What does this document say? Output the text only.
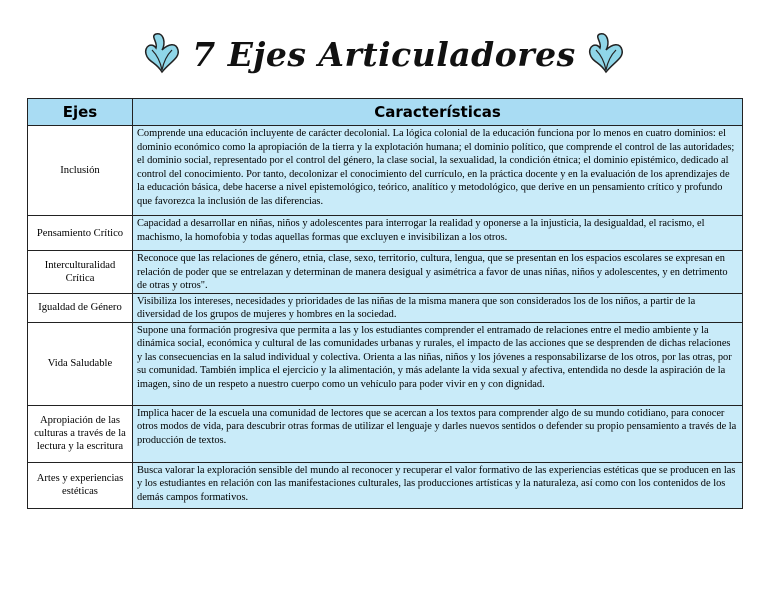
7 Ejes Articuladores
Ejes	Características
Inclusión	Comprende una educación incluyente de carácter decolonial. La lógica colonial de la educación funciona por lo menos en cuatro dominios: el dominio económico como la apropiación de la tierra y la explotación humana; el dominio político, que comprende el control de las autoridades; el dominio social, representado por el control del género, la clase social, la sexualidad, la condición étnica; el dominio epistémico, dedicado al control del conocimiento. Por tanto, decolonizar el conocimiento del currículo, en la práctica docente y en la evaluación de los aprendizajes de la educación básica, debe hacerse a nivel epistemológico, teórico, analítico y metodológico, que derive en un pensamiento crítico y profundo que favorezca la inclusión de las diferencias.
Pensamiento Crítico	Capacidad a desarrollar en niñas, niños y adolescentes para interrogar la realidad y oponerse a la injusticia, la desigualdad, el racismo, el machismo, la homofobia y todas aquellas formas que excluyen e invisibilizan a los otros.
Interculturalidad Crítica	Reconoce que las relaciones de género, etnia, clase, sexo, territorio, cultura, lengua, que se presentan en los espacios escolares se expresan en relación de poder que se entrelazan y determinan de manera desigual y asimétrica a favor de unas niñas, niños y adolescentes, y en detrimento de otras y otros".
Igualdad de Género	Visibiliza los intereses, necesidades y prioridades de las niñas de la misma manera que son considerados los de los niños, a partir de la diversidad de los grupos de mujeres y hombres en la sociedad.
Vida Saludable	Supone una formación progresiva que permita a las y los estudiantes comprender el entramado de relaciones entre el medio ambiente y la dinámica social, económica y cultural de las comunidades urbanas y rurales, el impacto de las acciones que se desprenden de dichas relaciones y las consecuencias en la salud individual y colectiva. Orienta a las niñas, niños y los jóvenes a responsabilizarse de los otros, por las otras, por su comunidad. También implica el ejercicio y la alimentación, y más adelante la vida sexual y afectiva, entendida no desde la aspiración de la imagen, sino de un respeto a nuestro cuerpo como un vehículo para poder vivir en y con dignidad.
Apropiación de las culturas a través de la lectura y la escritura	Implica hacer de la escuela una comunidad de lectores que se acercan a los textos para comprender algo de su mundo cotidiano, para conocer otros modos de vida, para descubrir otras formas de utilizar el lenguaje y darles nuevos sentidos o defender su propio pensamiento a través de la producción de textos.
Artes y experiencias estéticas	Busca valorar la exploración sensible del mundo al reconocer y recuperar el valor formativo de las experiencias estéticas que se producen en las y los estudiantes en relación con las manifestaciones culturales, las producciones artísticas y la naturaleza, así como con los contenidos de los demás campos formativos.
